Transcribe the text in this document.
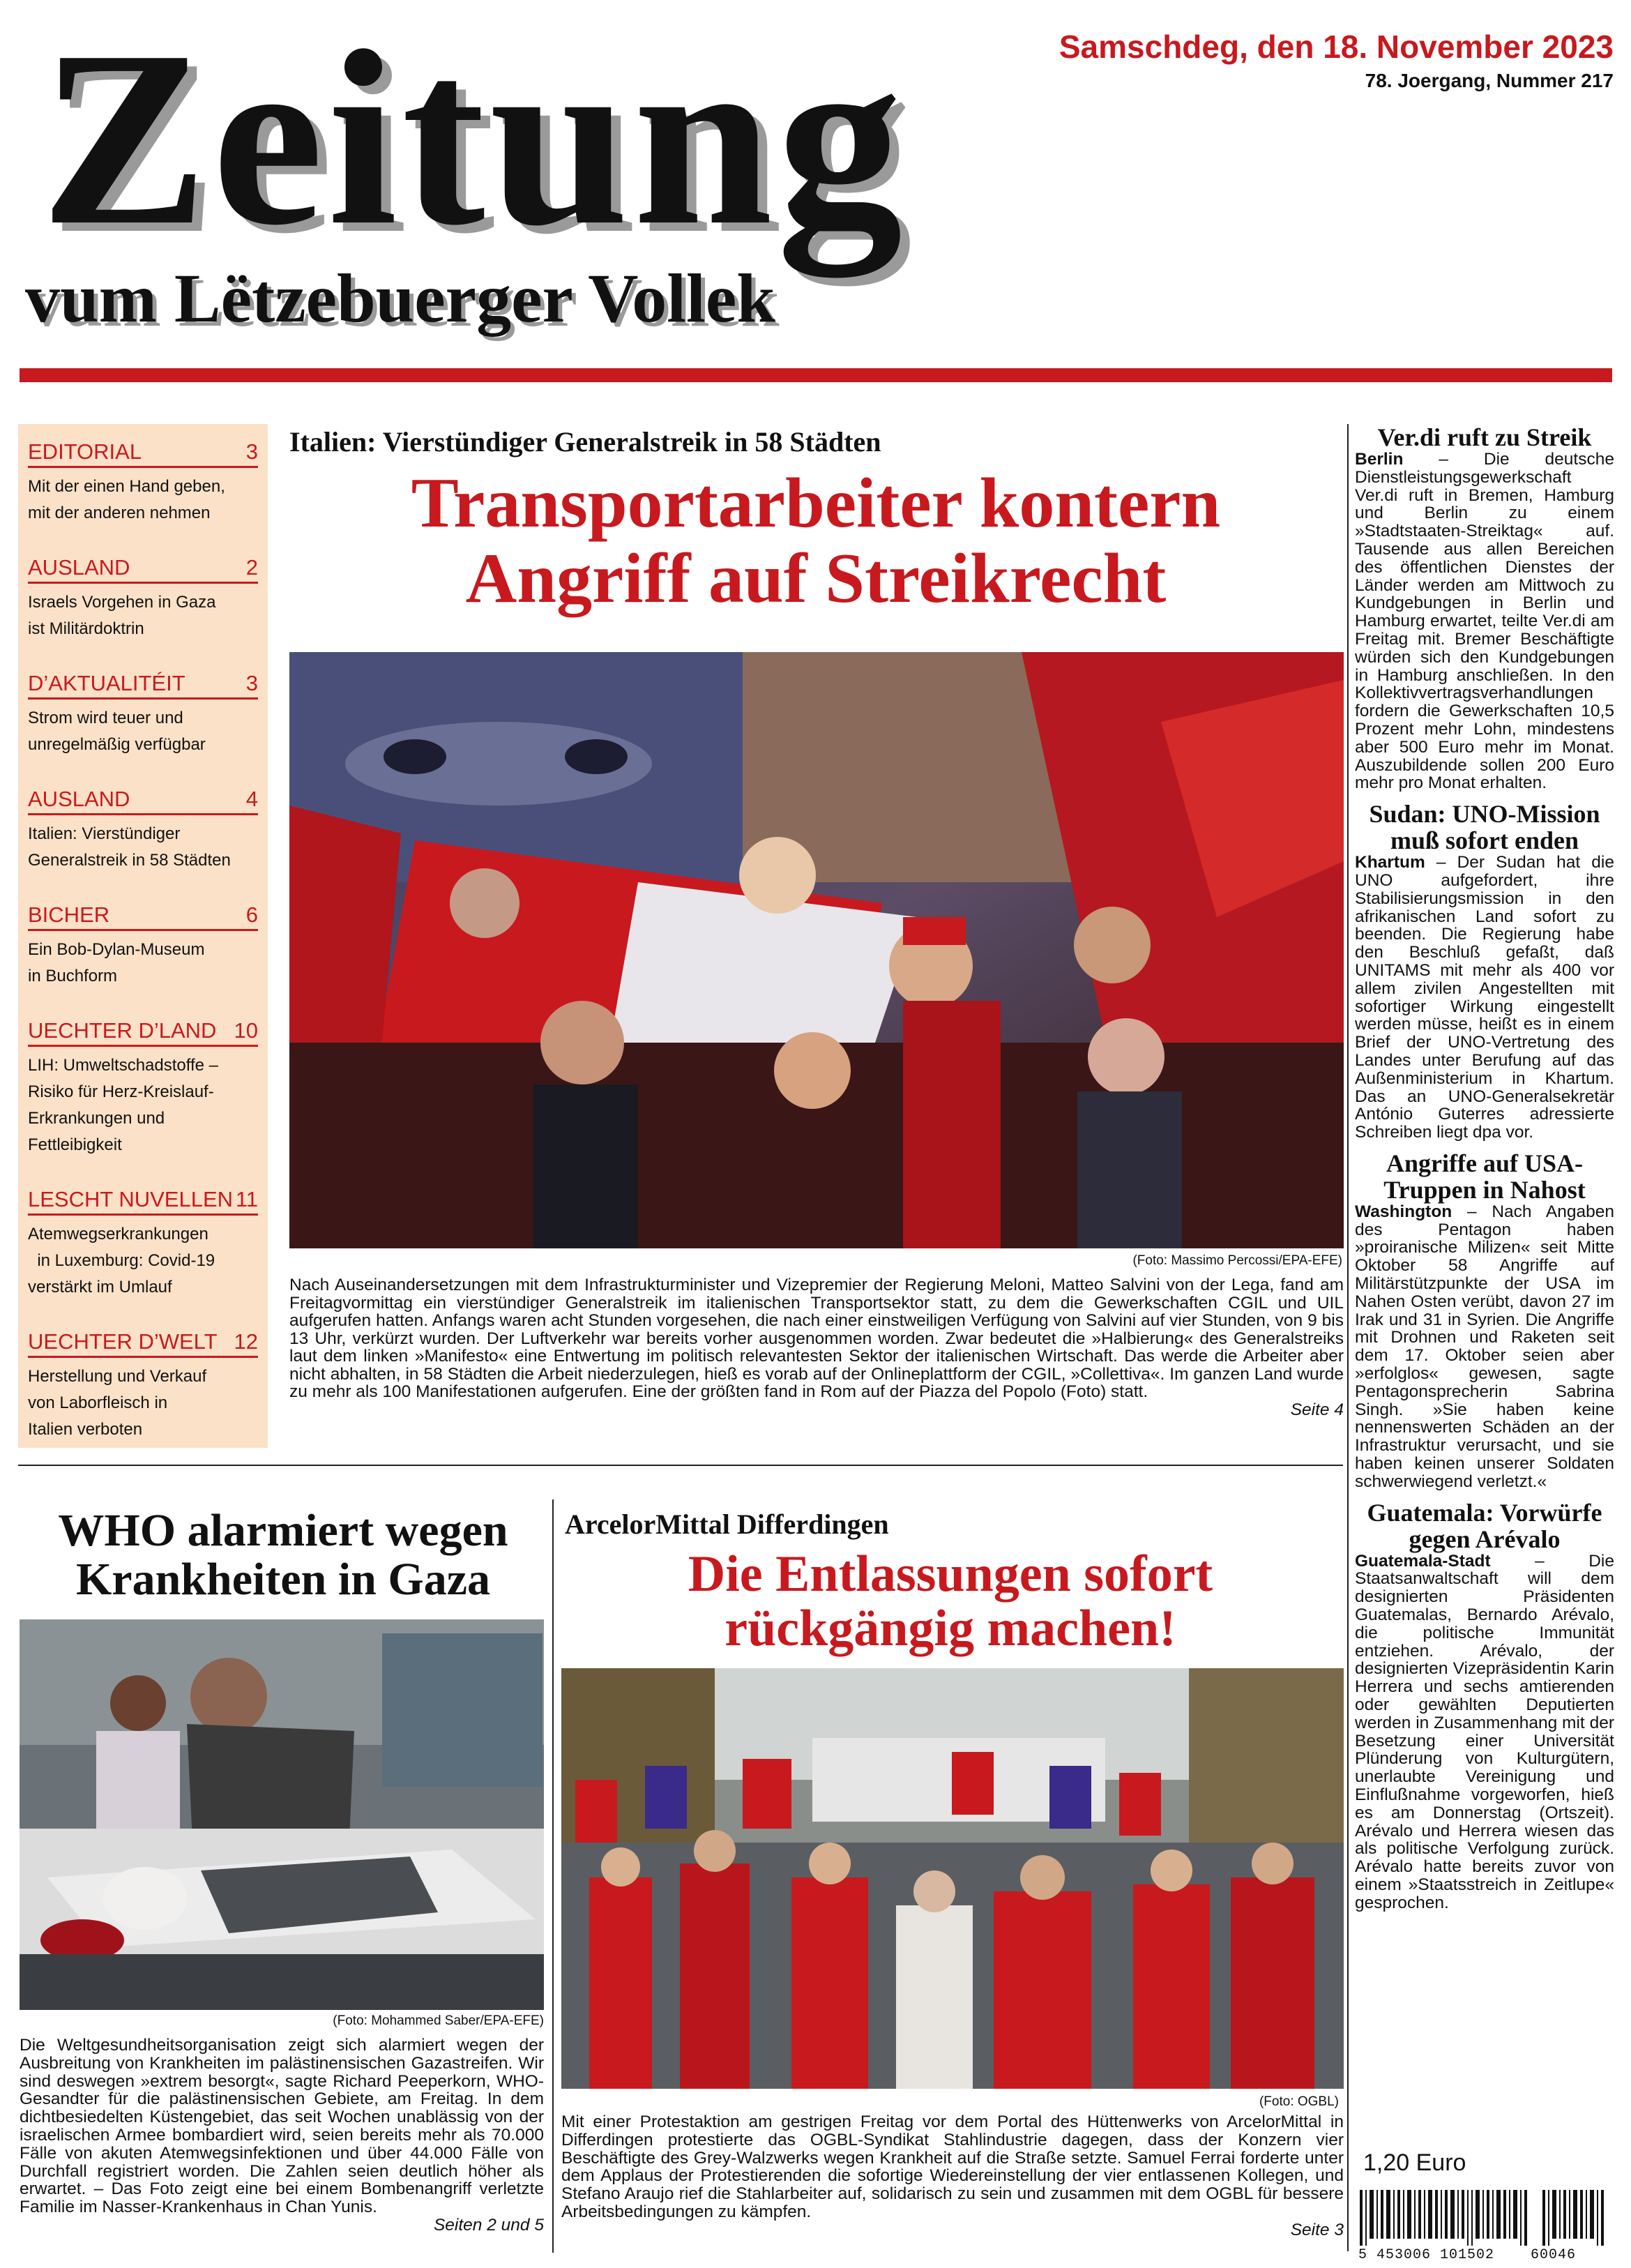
Zeitung
vum Lëtzebuerger Vollek
Samschdeg, den 18. November 2023
78. Joergang, Nummer 217
EDITORIAL	3
Mit der einen Hand geben,
mit der anderen nehmen
AUSLAND	2
Israels Vorgehen in Gaza
ist Militärdoktrin
D’AKTUALITÉIT	3
Strom wird teuer und
unregelmäßig verfügbar
AUSLAND	4
Italien: Vierstündiger
Generalstreik in 58 Städten
BICHER	6
Ein Bob-Dylan-Museum
in Buchform
UECHTER D’LAND 10
LIH: Umweltschadstoffe –
Risiko für Herz-Kreislauf-
Erkrankungen und
Fettleibigkeit
LESCHT NUVELLEN 11
Atemwegserkrankungen
in Luxemburg: Covid-19
verstärkt im Umlauf
UECHTER D’WELT 12
Herstellung und Verkauf
von Laborfleisch in
Italien verboten
Italien: Vierstündiger Generalstreik in 58 Städten
Transportarbeiter kontern
Angriff auf Streikrecht
(Foto: Massimo Percossi/EPA-EFE)
Nach Auseinandersetzungen mit dem Infrastrukturminister und Vizepremier der Regierung Meloni, Matteo Salvini von der Lega, fand am Freitagvormittag ein vierstündiger Generalstreik im italienischen Transportsektor statt, zu dem die Gewerkschaften CGIL und UIL aufgerufen hatten. Anfangs waren acht Stunden vorgesehen, die nach einer einstweiligen Verfügung von Salvini auf vier Stunden, von 9 bis 13 Uhr, verkürzt wurden. Der Luftverkehr war bereits vorher ausgenommen worden. Zwar bedeutet die »Halbierung« des Generalstreiks laut dem linken »Manifesto« eine Entwertung im politisch relevantesten Sektor der italienischen Wirtschaft. Das werde die Arbeiter aber nicht abhalten, in 58 Städten die Arbeit niederzulegen, hieß es vorab auf der Onlineplattform der CGIL, »Collettiva«. Im ganzen Land wurde zu mehr als 100 Manifestationen aufgerufen. Eine der größten fand in Rom auf der Piazza del Popolo (Foto) statt.
Seite 4
Ver.di ruft zu Streik
Berlin – Die deutsche Dienstleistungsgewerkschaft Ver.di ruft in Bremen, Hamburg und Berlin zu einem »Stadtstaaten-Streiktag« auf. Tausende aus allen Bereichen des öffentlichen Dienstes der Länder werden am Mittwoch zu Kundgebungen in Berlin und Hamburg erwartet, teilte Ver.di am Freitag mit. Bremer Beschäftigte würden sich den Kundgebungen in Hamburg anschließen. In den Kollektivvertragsverhandlungen fordern die Gewerkschaften 10,5 Prozent mehr Lohn, mindestens aber 500 Euro mehr im Monat. Auszubildende sollen 200 Euro mehr pro Monat erhalten.
Sudan: UNO-Mission muß sofort enden
Khartum – Der Sudan hat die UNO aufgefordert, ihre Stabilisierungsmission in den afrikanischen Land sofort zu beenden. Die Regierung habe den Beschluß gefaßt, daß UNITAMS mit mehr als 400 vor allem zivilen Angestellten mit sofortiger Wirkung eingestellt werden müsse, heißt es in einem Brief der UNO-Vertretung des Landes unter Berufung auf das Außenministerium in Khartum. Das an UNO-Generalsekretär António Guterres adressierte Schreiben liegt dpa vor.
Angriffe auf USA-Truppen in Nahost
Washington – Nach Angaben des Pentagon haben »proiranische Milizen« seit Mitte Oktober 58 Angriffe auf Militärstützpunkte der USA im Nahen Osten verübt, davon 27 im Irak und 31 in Syrien. Die Angriffe mit Drohnen und Raketen seit dem 17. Oktober seien aber »erfolglos« gewesen, sagte Pentagonsprecherin Sabrina Singh. »Sie haben keine nennenswerten Schäden an der Infrastruktur verursacht, und sie haben keinen unserer Soldaten schwerwiegend verletzt.«
Guatemala: Vorwürfe gegen Arévalo
Guatemala-Stadt – Die Staatsanwaltschaft will dem designierten Präsidenten Guatemalas, Bernardo Arévalo, die politische Immunität entziehen. Arévalo, der designierten Vizepräsidentin Karin Herrera und sechs amtierenden oder gewählten Deputierten werden in Zusammenhang mit der Besetzung einer Universität Plünderung von Kulturgütern, unerlaubte Vereinigung und Einflußnahme vorgeworfen, hieß es am Donnerstag (Ortszeit). Arévalo und Herrera wiesen das als politische Verfolgung zurück. Arévalo hatte bereits zuvor von einem »Staatsstreich in Zeitlupe« gesprochen.
WHO alarmiert wegen
Krankheiten in Gaza
(Foto: Mohammed Saber/EPA-EFE)
Die Weltgesundheitsorganisation zeigt sich alarmiert wegen der Ausbreitung von Krankheiten im palästinensischen Gazastreifen. Wir sind deswegen »extrem besorgt«, sagte Richard Peeperkorn, WHO-Gesandter für die palästinensischen Gebiete, am Freitag. In dem dichtbesiedelten Küstengebiet, das seit Wochen unablässig von der israelischen Armee bombardiert wird, seien bereits mehr als 70.000 Fälle von akuten Atemwegsinfektionen und über 44.000 Fälle von Durchfall registriert worden. Die Zahlen seien deutlich höher als erwartet. – Das Foto zeigt eine bei einem Bombenangriff verletzte Familie im Nasser-Krankenhaus in Chan Yunis.
Seiten 2 und 5
ArcelorMittal Differdingen
Die Entlassungen sofort
rückgängig machen!
(Foto: OGBL)
Mit einer Protestaktion am gestrigen Freitag vor dem Portal des Hüttenwerks von ArcelorMittal in Differdingen protestierte das OGBL-Syndikat Stahlindustrie dagegen, dass der Konzern vier Beschäftigte des Grey-Walzwerks wegen Krankheit auf die Straße setzte. Samuel Ferrai forderte unter dem Applaus der Protestierenden die sofortige Wiedereinstellung der vier entlassenen Kollegen, und Stefano Araujo rief die Stahlarbeiter auf, solidarisch zu sein und zusammen mit dem OGBL für bessere Arbeitsbedingungen zu kämpfen.
Seite 3
1,20 Euro
5 453006 101502    60046
